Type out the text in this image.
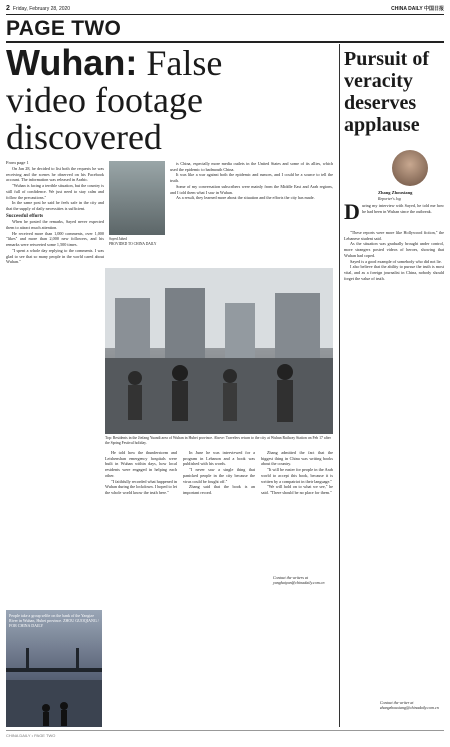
2 Friday, February 28, 2020	CHINA DAILY 中国日报
PAGE TWO
Wuhan: False video footage discovered
From page 1

On Jan 28, he decided to list both the requests he was receiving and the scenes he observed on his Facebook account. The information was released in Arabic.

"Wuhan is facing a terrible situation, but the country is still full of confidence. We just need to stay calm and follow the precautions."

In the same post he said he feels safe in the city and that the supply of daily necessities is sufficient.

Successful efforts

When he posted the remarks, Sayed never expected them to attract much attention.

He received more than 1,000 comments, over 1,000 "likes" and more than 2,000 new followers, and his remarks were retweeted some 1,500 times.

"I spent a whole day replying to the comments. I was glad to see that so many people in the world cared about Wuhan."

Sayed Jahed
PROVIDED TO CHINA DAILY

is China, especially more media outlets in the United States and some of its allies, which used the epidemic to badmouth China.

It was like a war against both the epidemic and rumors, and I could be a source to tell the truth.

Some of my conversation subscribers were mainly from the Middle East and Arab regions, and I told them what I saw in Wuhan.

As a result, they learned more about the situation and the efforts the city has made.

Top: Residents in the Jiefang Yuandi area of Wuhan in Hubei province. Above: Travelers return to the city at Wuhan Railway Station on Feb 17 after the Spring Festival holiday.

He told how the thunderstorm and Leishenshan emergency hospitals were built in Wuhan within days, how local residents were engaged in helping each other.

"I faithfully recorded what happened in Wuhan during the lockdown. I hoped to let the whole world know the truth here."

In June he was interviewed for a program in Lebanon and a book was published with his words.

"I never saw a single thing that panicked people in the city because the virus could be fought off."

Zhang said that the book is an important record.

Zhang admitted the fact that the biggest thing in China was writing books about the country.

"It will be easier for people in the Arab world to accept this book, because it is written by a compatriot in their language."

"We will hold on to what we see," he said. "There should be no place for them."

Contact the writers at yanghaiyan@chinadaily.com.cn
Pursuit of veracity deserves applause
Zhang Zhouxiang
Reporter's log
D uring my interview with Sayed, he told me how he had been in Wuhan since the outbreak.

"These reports were more like Hollywood fiction," the Lebanese student said.

As the situation was gradually brought under control, more strangers posted videos of heroes, showing that Wuhan had coped.

Sayed is a good example of somebody who did not lie.

I also believe that the ability to pursue the truth is most vital, and as a foreign journalist in China, nobody should forget the value of truth.

Contact the writer at zhangzhouxiang@chinadaily.com.cn
People take a group selfie on the bank of the Yangtze River in Wuhan, Hubei province. ZHOU GUOQIANG / FOR CHINA DAILY
CHINA DAILY • PAGE TWO
